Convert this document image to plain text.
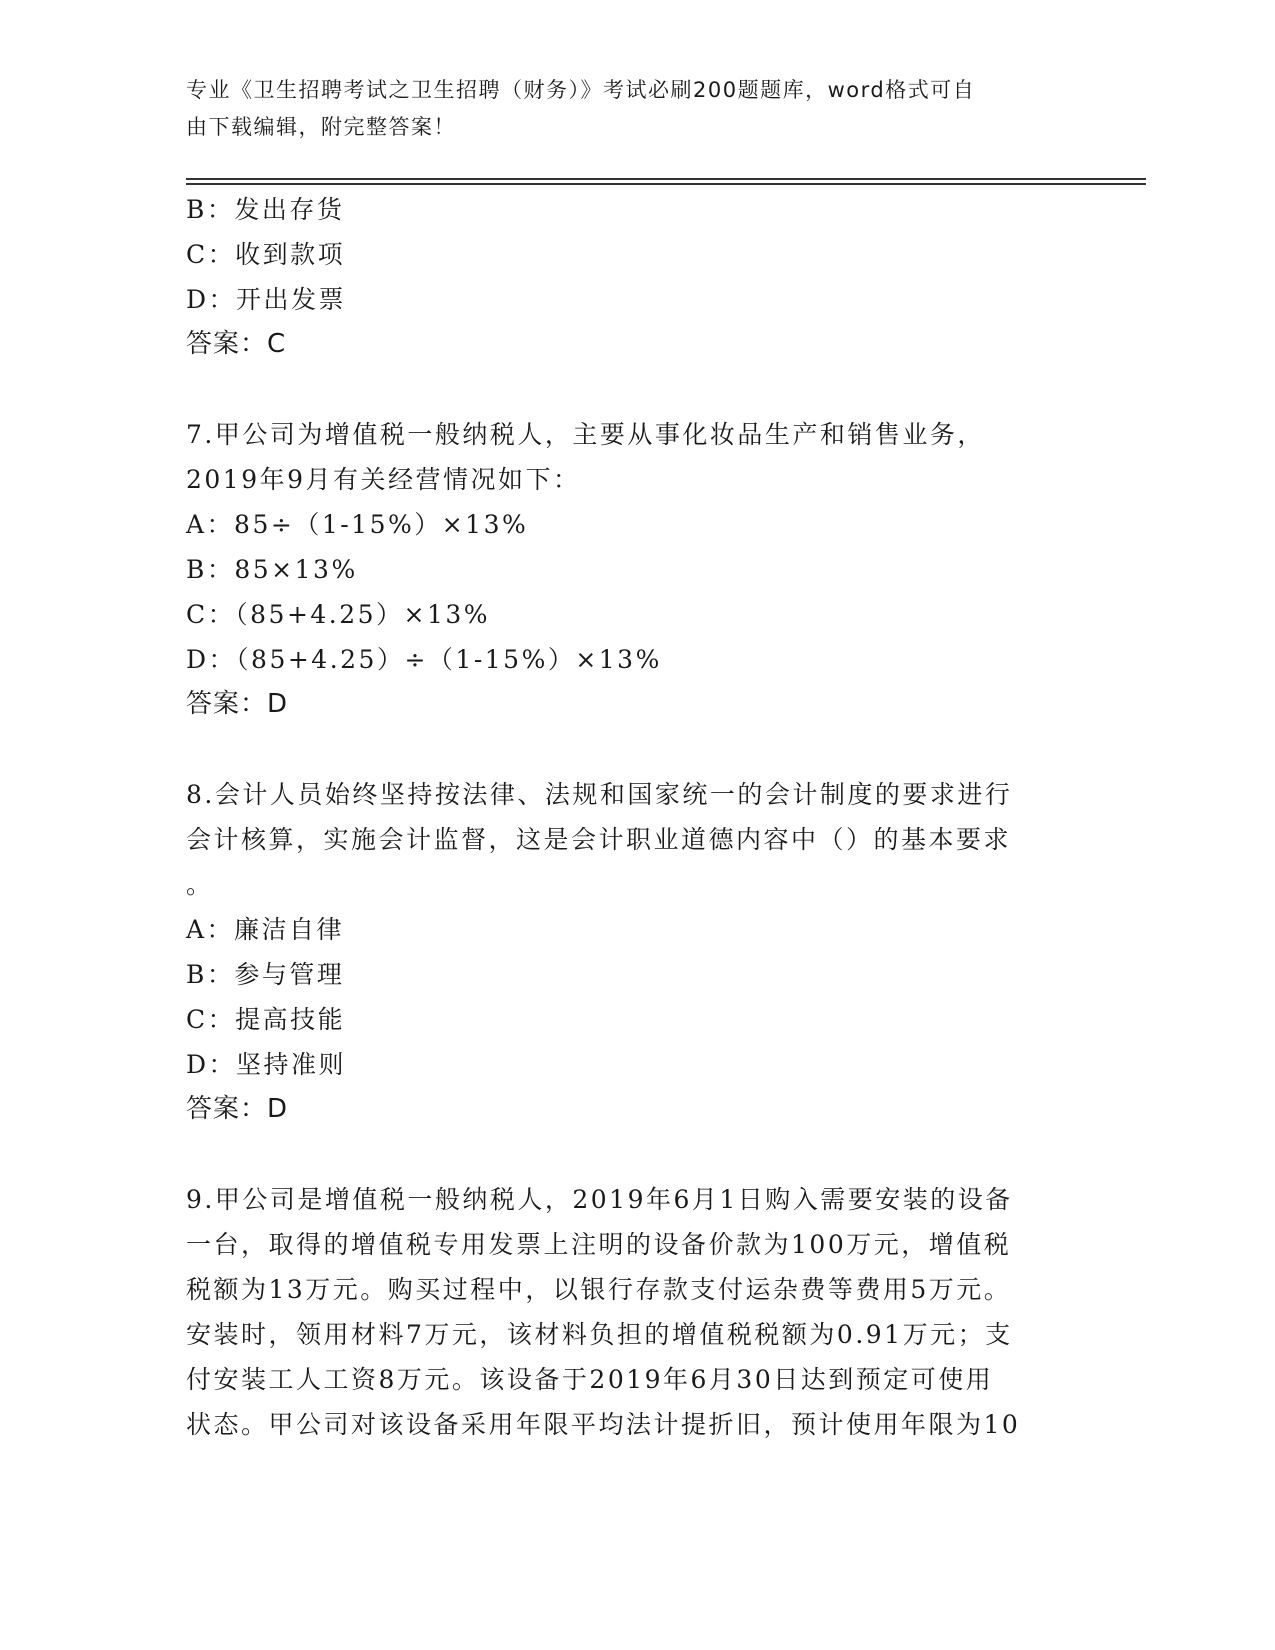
专业《卫生招聘考试之卫生招聘（财务）》考试必刷200题题库，word格式可自
由下载编辑，附完整答案！
B：发出存货
C：收到款项
D：开出发票
答案：C
7.甲公司为增值税一般纳税人，主要从事化妆品生产和销售业务，
2019年9月有关经营情况如下：
A：85÷（1-15%）×13%
B：85×13%
C：（85+4.25）×13%
D：（85+4.25）÷（1-15%）×13%
答案：D
8.会计人员始终坚持按法律、法规和国家统一的会计制度的要求进行
会计核算，实施会计监督，这是会计职业道德内容中（）的基本要求
。
A：廉洁自律
B：参与管理
C：提高技能
D：坚持准则
答案：D
9.甲公司是增值税一般纳税人，2019年6月1日购入需要安装的设备
一台，取得的增值税专用发票上注明的设备价款为100万元，增值税
税额为13万元。购买过程中，以银行存款支付运杂费等费用5万元。
安装时，领用材料7万元，该材料负担的增值税税额为0.91万元；支
付安装工人工资8万元。该设备于2019年6月30日达到预定可使用
状态。甲公司对该设备采用年限平均法计提折旧，预计使用年限为10
